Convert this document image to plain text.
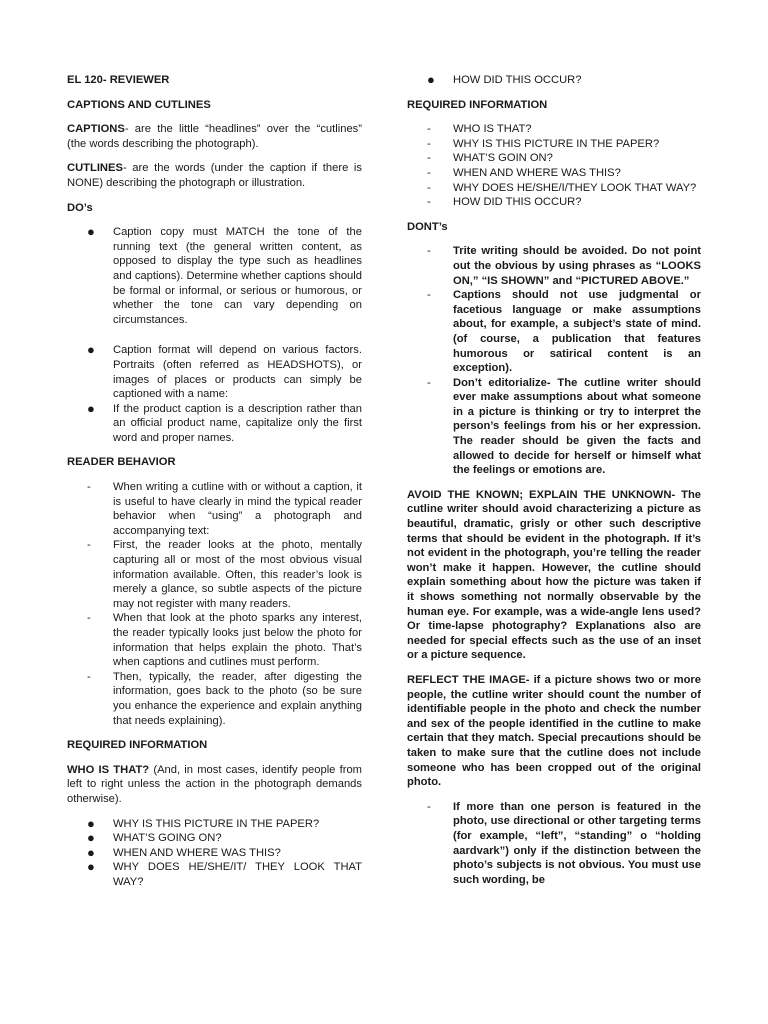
EL 120- REVIEWER
CAPTIONS AND CUTLINES

CAPTIONS- are the little “headlines” over the “cutlines” (the words describing the photograph).

CUTLINES- are the words (under the caption if there is NONE) describing the photograph or illustration.

DO’s
● Caption copy must MATCH the tone of the running text (the general written content, as opposed to display the type such as headlines and captions). Determine whether captions should be formal or informal, or serious or humorous, or whether the tone can vary depending on circumstances.
● Caption format will depend on various factors. Portraits (often referred as HEADSHOTS), or images of places or products can simply be captioned with a name:
● If the product caption is a description rather than an official product name, capitalize only the first word and proper names.
READER BEHAVIOR
- When writing a cutline with or without a caption, it is useful to have clearly in mind the typical reader behavior when “using” a photograph and accompanying text:
- First, the reader looks at the photo, mentally capturing all or most of the most obvious visual information available. Often, this reader’s look is merely a glance, so subtle aspects of the picture may not register with many readers.
- When that look at the photo sparks any interest, the reader typically looks just below the photo for information that helps explain the photo. That’s when captions and cutlines must perform.
- Then, typically, the reader, after digesting the information, goes back to the photo (so be sure you enhance the experience and explain anything that needs explaining).
REQUIRED INFORMATION

WHO IS THAT? (And, in most cases, identify people from left to right unless the action in the photograph demands otherwise).

● WHY IS THIS PICTURE IN THE PAPER?
● WHAT’S GOING ON?
● WHEN AND WHERE WAS THIS?
● WHY DOES HE/SHE/IT/ THEY LOOK THAT WAY?
● HOW DID THIS OCCUR?
REQUIRED INFORMATION
- WHO IS THAT?
- WHY IS THIS PICTURE IN THE PAPER?
- WHAT’S GOIN ON?
- WHEN AND WHERE WAS THIS?
- WHY DOES HE/SHE/I/THEY LOOK THAT WAY?
- HOW DID THIS OCCUR?
DONT’s
- Trite writing should be avoided. Do not point out the obvious by using phrases as “LOOKS ON,” “IS SHOWN” and “PICTURED ABOVE.”
- Captions should not use judgmental or facetious language or make assumptions about, for example, a subject’s state of mind. (of course, a publication that features humorous or satirical content is an exception).
- Don’t editorialize- The cutline writer should ever make assumptions about what someone in a picture is thinking or try to interpret the person’s feelings from his or her expression. The reader should be given the facts and allowed to decide for herself or himself what the feelings or emotions are.

AVOID THE KNOWN; EXPLAIN THE UNKNOWN- The cutline writer should avoid characterizing a picture as beautiful, dramatic, grisly or other such descriptive terms that should be evident in the photograph. If it’s not evident in the photograph, you’re telling the reader won’t make it happen. However, the cutline should explain something about how the picture was taken if it shows something not normally observable by the human eye. For example, was a wide-angle lens used? Or time-lapse photography? Explanations also are needed for special effects such as the use of an inset or a picture sequence.

REFLECT THE IMAGE- if a picture shows two or more people, the cutline writer should count the number of identifiable people in the photo and check the number and sex of the people identified in the cutline to make certain that they match. Special precautions should be taken to make sure that the cutline does not include someone who has been cropped out of the original photo.

- If more than one person is featured in the photo, use directional or other targeting terms (for example, “left”, “standing” o “holding aardvark”) only if the distinction between the photo’s subjects is not obvious. You must use such wording, be
